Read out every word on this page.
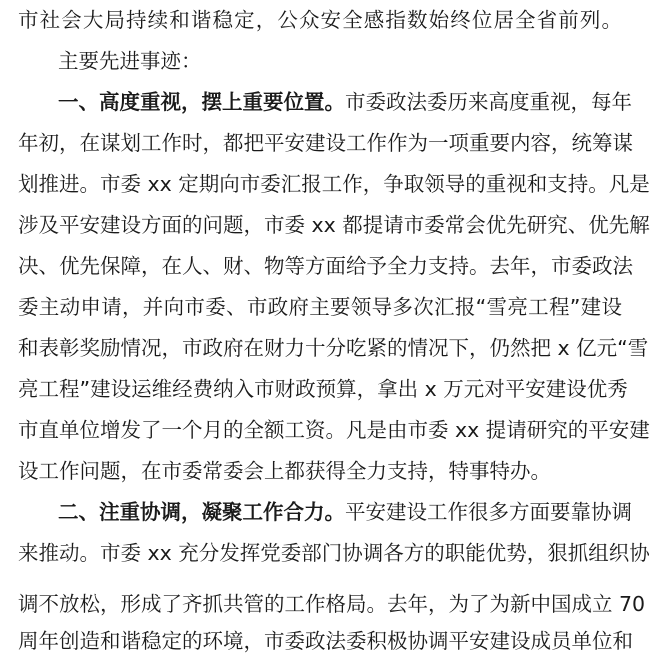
市社会大局持续和谐稳定，公众安全感指数始终位居全省前列。
主要先进事迹：
一、高度重视，摆上重要位置。市委政法委历来高度重视，每年
年初，在谋划工作时，都把平安建设工作作为一项重要内容，统筹谋
划推进。市委 xx 定期向市委汇报工作，争取领导的重视和支持。凡是
涉及平安建设方面的问题，市委 xx 都提请市委常会优先研究、优先解
决、优先保障，在人、财、物等方面给予全力支持。去年，市委政法
委主动申请，并向市委、市政府主要领导多次汇报“雪亮工程”建设
和表彰奖励情况，市政府在财力十分吃紧的情况下，仍然把 x 亿元“雪
亮工程”建设运维经费纳入市财政预算，拿出 x 万元对平安建设优秀
市直单位增发了一个月的全额工资。凡是由市委 xx 提请研究的平安建
设工作问题，在市委常委会上都获得全力支持，特事特办。
二、注重协调，凝聚工作合力。平安建设工作很多方面要靠协调
来推动。市委 xx 充分发挥党委部门协调各方的职能优势，狠抓组织协
调不放松，形成了齐抓共管的工作格局。去年，为了为新中国成立 70
周年创造和谐稳定的环境，市委政法委积极协调平安建设成员单位和
